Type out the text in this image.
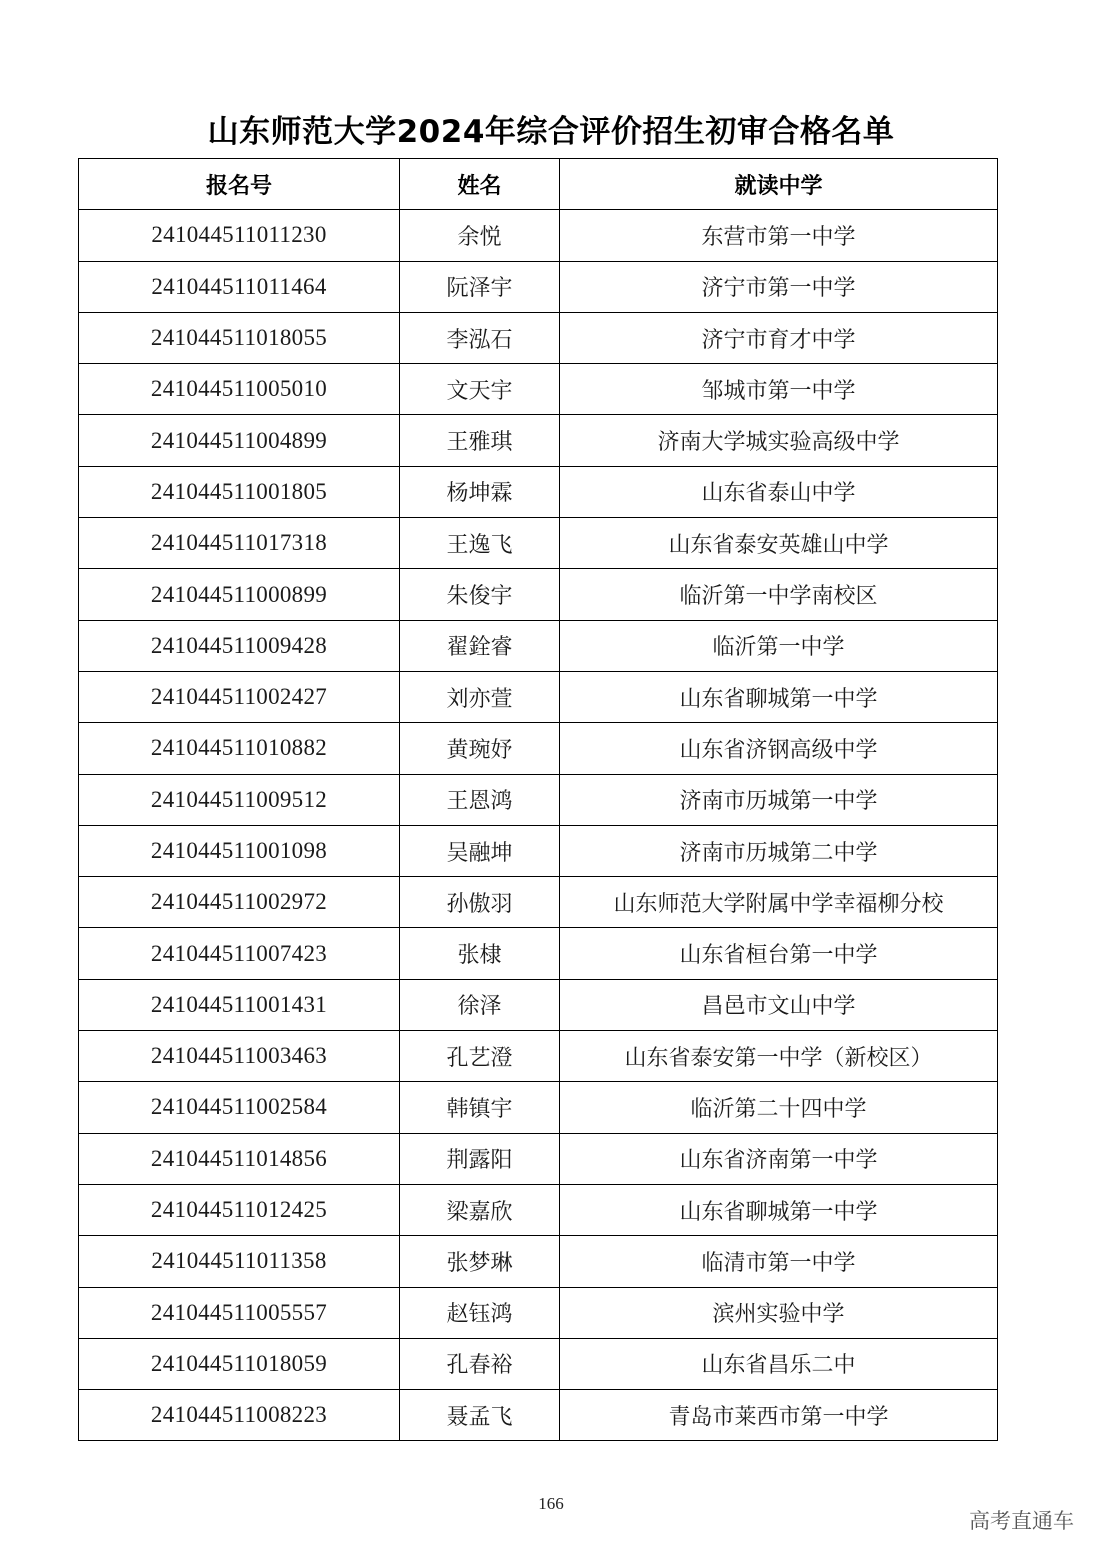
山东师范大学2024年综合评价招生初审合格名单
报名号	姓名	就读中学
241044511011230	余悦	东营市第一中学
241044511011464	阮泽宇	济宁市第一中学
241044511018055	李泓石	济宁市育才中学
241044511005010	文天宇	邹城市第一中学
241044511004899	王雅琪	济南大学城实验高级中学
241044511001805	杨坤霖	山东省泰山中学
241044511017318	王逸飞	山东省泰安英雄山中学
241044511000899	朱俊宇	临沂第一中学南校区
241044511009428	翟銓睿	临沂第一中学
241044511002427	刘亦萱	山东省聊城第一中学
241044511010882	黄琬妤	山东省济钢高级中学
241044511009512	王恩鸿	济南市历城第一中学
241044511001098	吴融坤	济南市历城第二中学
241044511002972	孙傲羽	山东师范大学附属中学幸福柳分校
241044511007423	张棣	山东省桓台第一中学
241044511001431	徐泽	昌邑市文山中学
241044511003463	孔艺澄	山东省泰安第一中学（新校区）
241044511002584	韩镇宇	临沂第二十四中学
241044511014856	荆露阳	山东省济南第一中学
241044511012425	梁嘉欣	山东省聊城第一中学
241044511011358	张梦琳	临清市第一中学
241044511005557	赵钰鸿	滨州实验中学
241044511018059	孔春裕	山东省昌乐二中
241044511008223	聂孟飞	青岛市莱西市第一中学
166
高考直通车
